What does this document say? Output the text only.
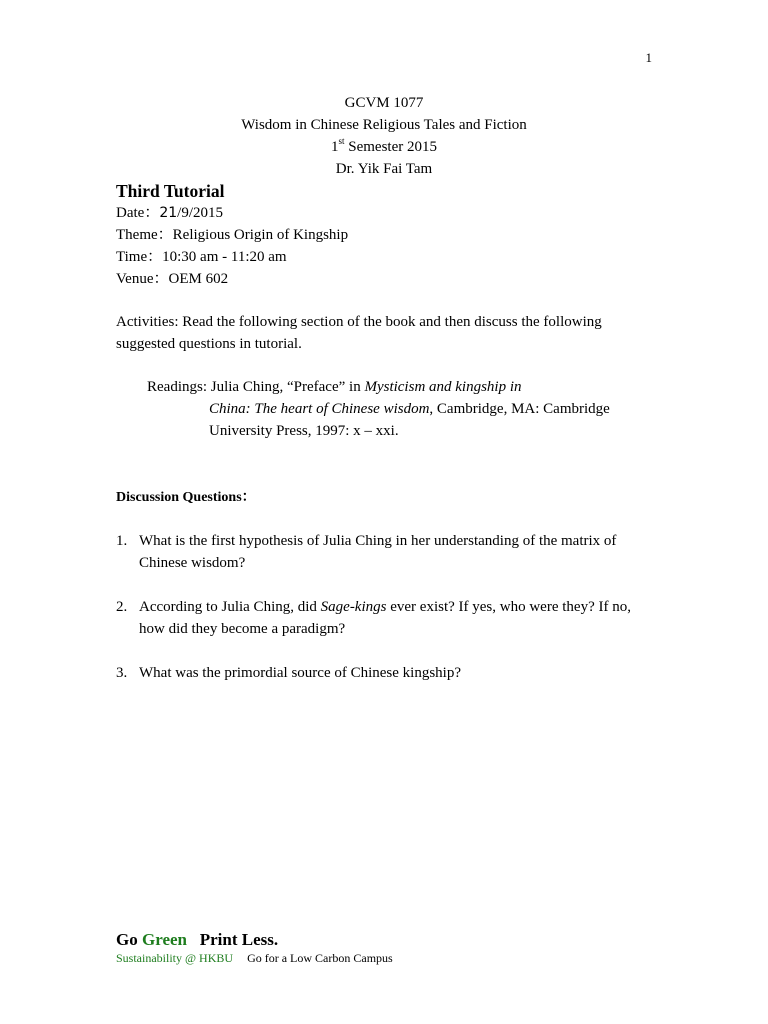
1
GCVM 1077
Wisdom in Chinese Religious Tales and Fiction
1st Semester 2015
Dr. Yik Fai Tam
Third Tutorial
Date：21/9/2015
Theme：Religious Origin of Kingship
Time：10:30 am - 11:20 am
Venue：OEM 602
Activities: Read the following section of the book and then discuss the following suggested questions in tutorial.
Readings: Julia Ching, “Preface” in Mysticism and kingship in
China: The heart of Chinese wisdom, Cambridge, MA: Cambridge University Press, 1997: x – xxi.
Discussion Questions：
1. What is the first hypothesis of Julia Ching in her understanding of the matrix of Chinese wisdom?
2. According to Julia Ching, did Sage-kings ever exist? If yes, who were they? If no, how did they become a paradigm?
3. What was the primordial source of Chinese kingship?
Go Green Print Less.
Sustainability @ HKBU Go for a Low Carbon Campus
